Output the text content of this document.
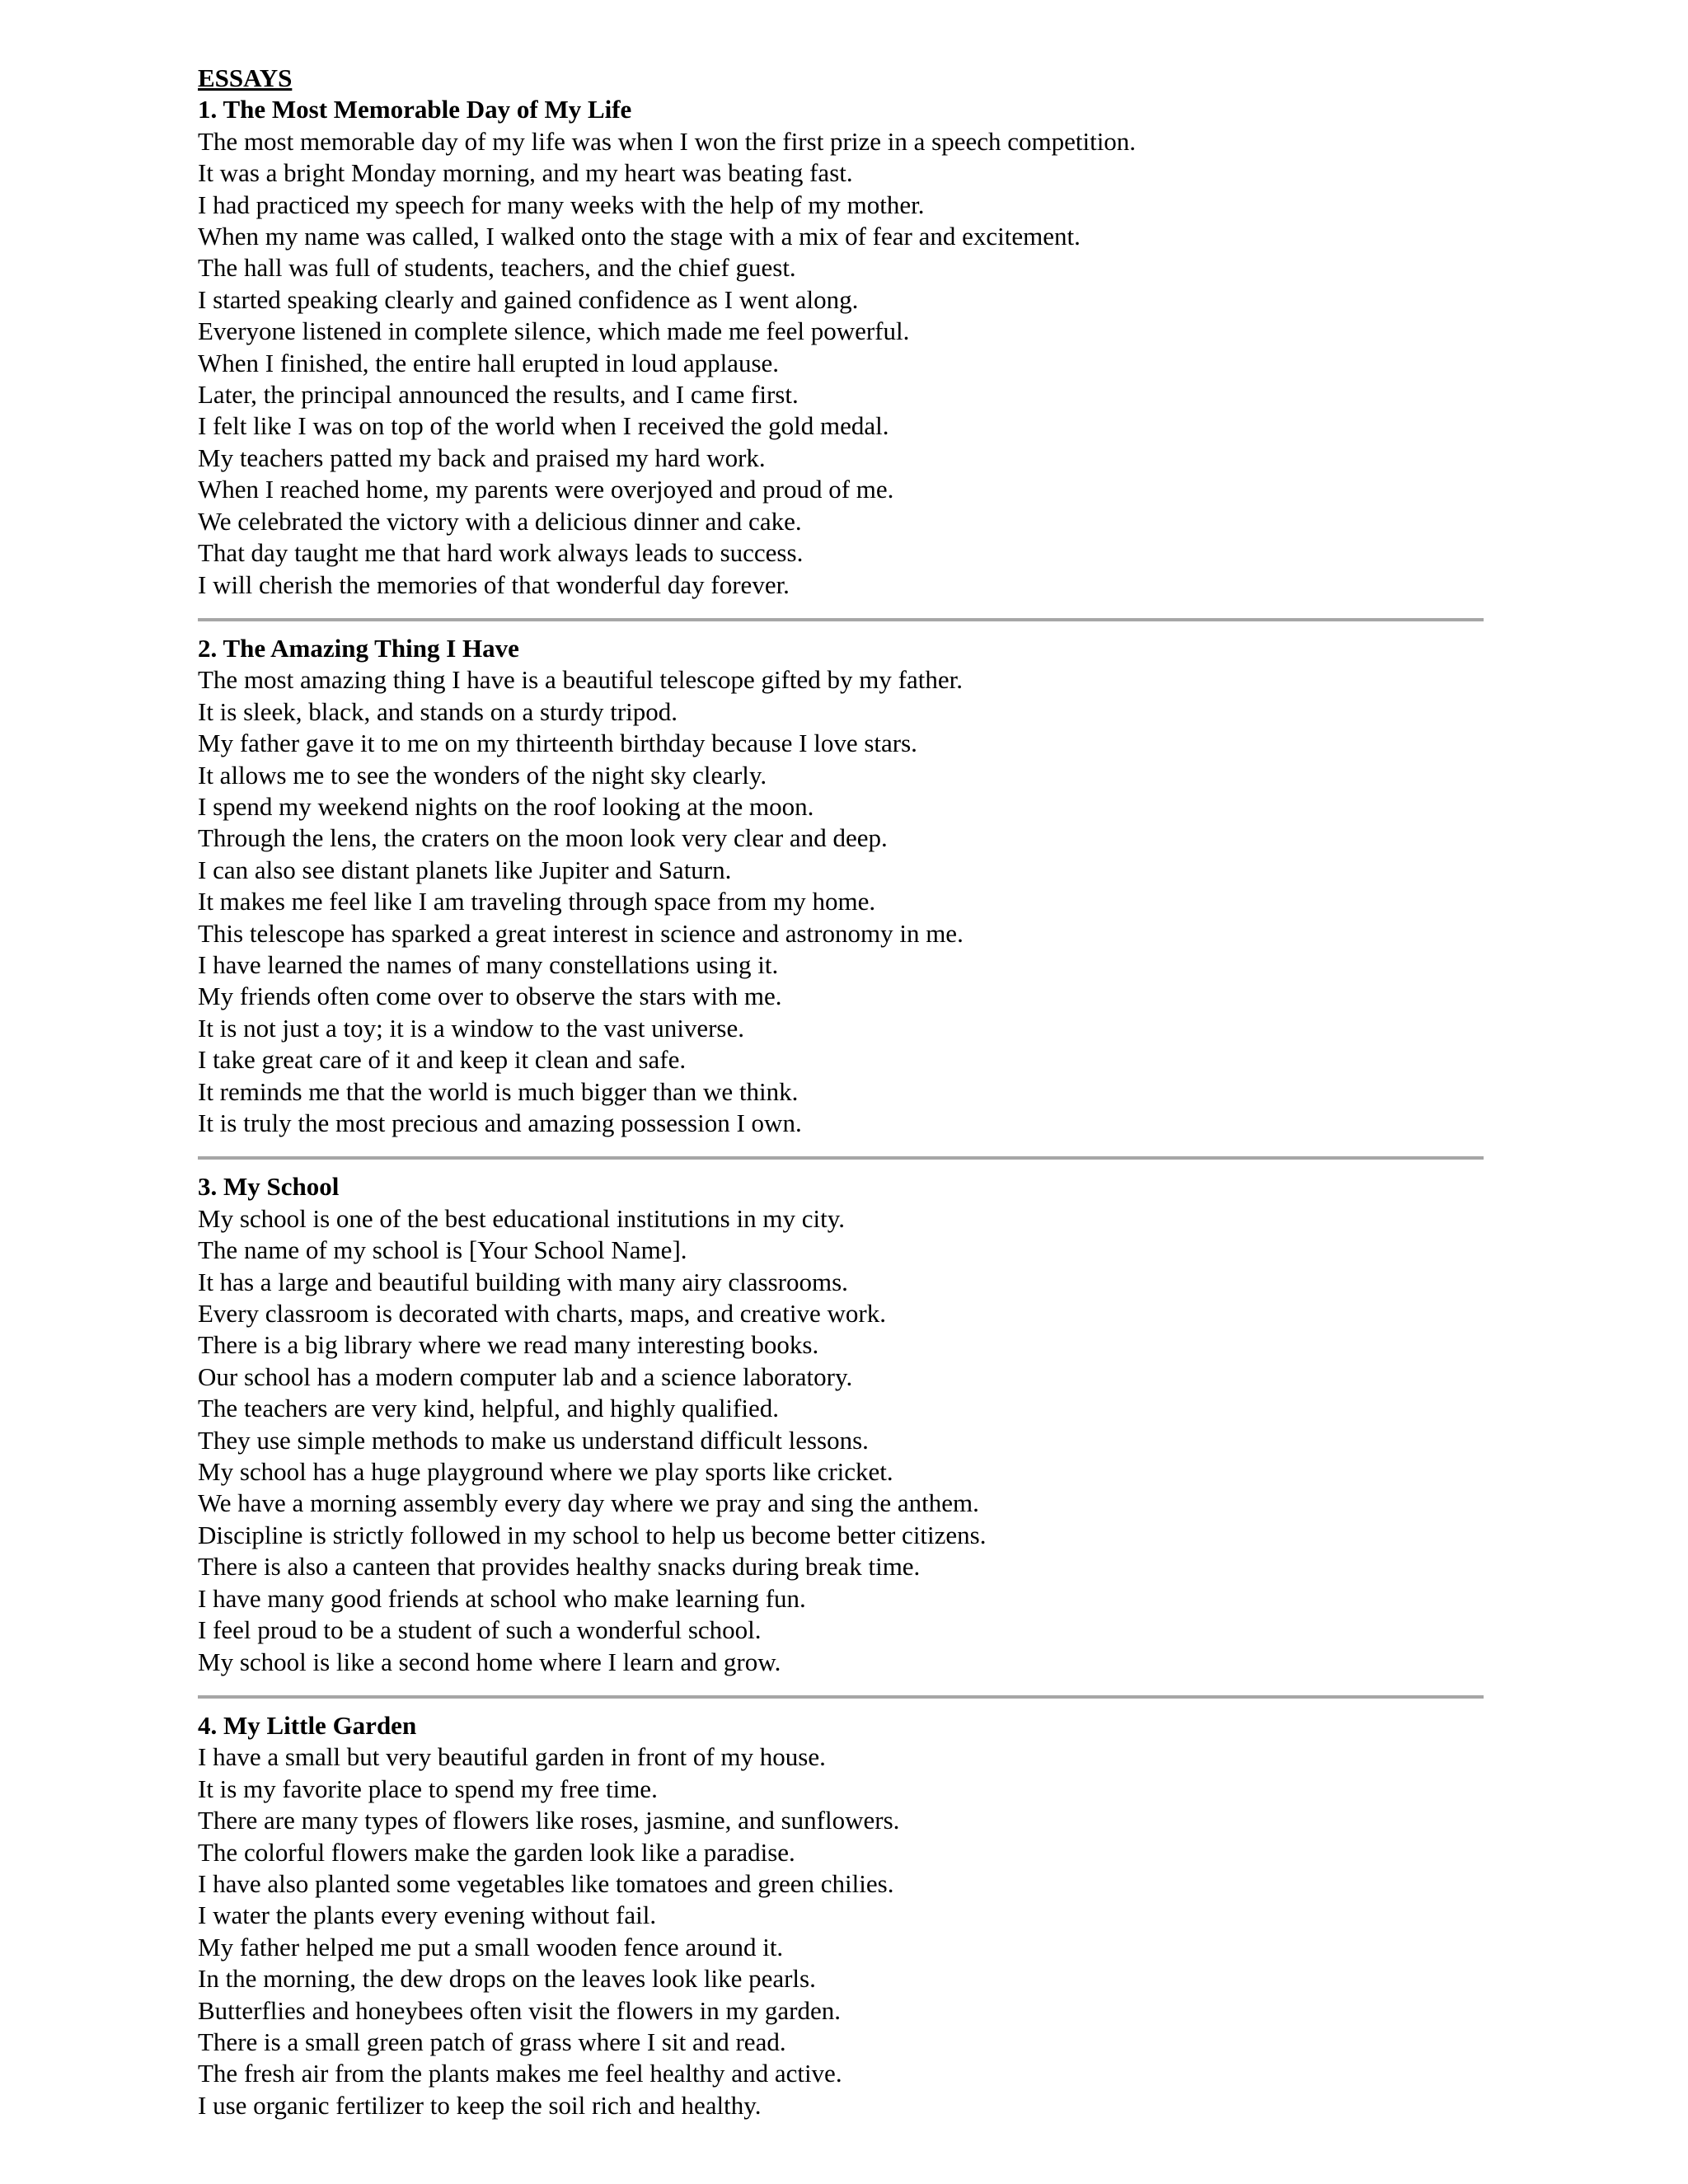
ESSAYS
1. The Most Memorable Day of My Life
The most memorable day of my life was when I won the first prize in a speech competition.
It was a bright Monday morning, and my heart was beating fast.
I had practiced my speech for many weeks with the help of my mother.
When my name was called, I walked onto the stage with a mix of fear and excitement.
The hall was full of students, teachers, and the chief guest.
I started speaking clearly and gained confidence as I went along.
Everyone listened in complete silence, which made me feel powerful.
When I finished, the entire hall erupted in loud applause.
Later, the principal announced the results, and I came first.
I felt like I was on top of the world when I received the gold medal.
My teachers patted my back and praised my hard work.
When I reached home, my parents were overjoyed and proud of me.
We celebrated the victory with a delicious dinner and cake.
That day taught me that hard work always leads to success.
I will cherish the memories of that wonderful day forever.
2. The Amazing Thing I Have
The most amazing thing I have is a beautiful telescope gifted by my father.
It is sleek, black, and stands on a sturdy tripod.
My father gave it to me on my thirteenth birthday because I love stars.
It allows me to see the wonders of the night sky clearly.
I spend my weekend nights on the roof looking at the moon.
Through the lens, the craters on the moon look very clear and deep.
I can also see distant planets like Jupiter and Saturn.
It makes me feel like I am traveling through space from my home.
This telescope has sparked a great interest in science and astronomy in me.
I have learned the names of many constellations using it.
My friends often come over to observe the stars with me.
It is not just a toy; it is a window to the vast universe.
I take great care of it and keep it clean and safe.
It reminds me that the world is much bigger than we think.
It is truly the most precious and amazing possession I own.
3. My School
My school is one of the best educational institutions in my city.
The name of my school is [Your School Name].
It has a large and beautiful building with many airy classrooms.
Every classroom is decorated with charts, maps, and creative work.
There is a big library where we read many interesting books.
Our school has a modern computer lab and a science laboratory.
The teachers are very kind, helpful, and highly qualified.
They use simple methods to make us understand difficult lessons.
My school has a huge playground where we play sports like cricket.
We have a morning assembly every day where we pray and sing the anthem.
Discipline is strictly followed in my school to help us become better citizens.
There is also a canteen that provides healthy snacks during break time.
I have many good friends at school who make learning fun.
I feel proud to be a student of such a wonderful school.
My school is like a second home where I learn and grow.
4. My Little Garden
I have a small but very beautiful garden in front of my house.
It is my favorite place to spend my free time.
There are many types of flowers like roses, jasmine, and sunflowers.
The colorful flowers make the garden look like a paradise.
I have also planted some vegetables like tomatoes and green chilies.
I water the plants every evening without fail.
My father helped me put a small wooden fence around it.
In the morning, the dew drops on the leaves look like pearls.
Butterflies and honeybees often visit the flowers in my garden.
There is a small green patch of grass where I sit and read.
The fresh air from the plants makes me feel healthy and active.
I use organic fertilizer to keep the soil rich and healthy.
